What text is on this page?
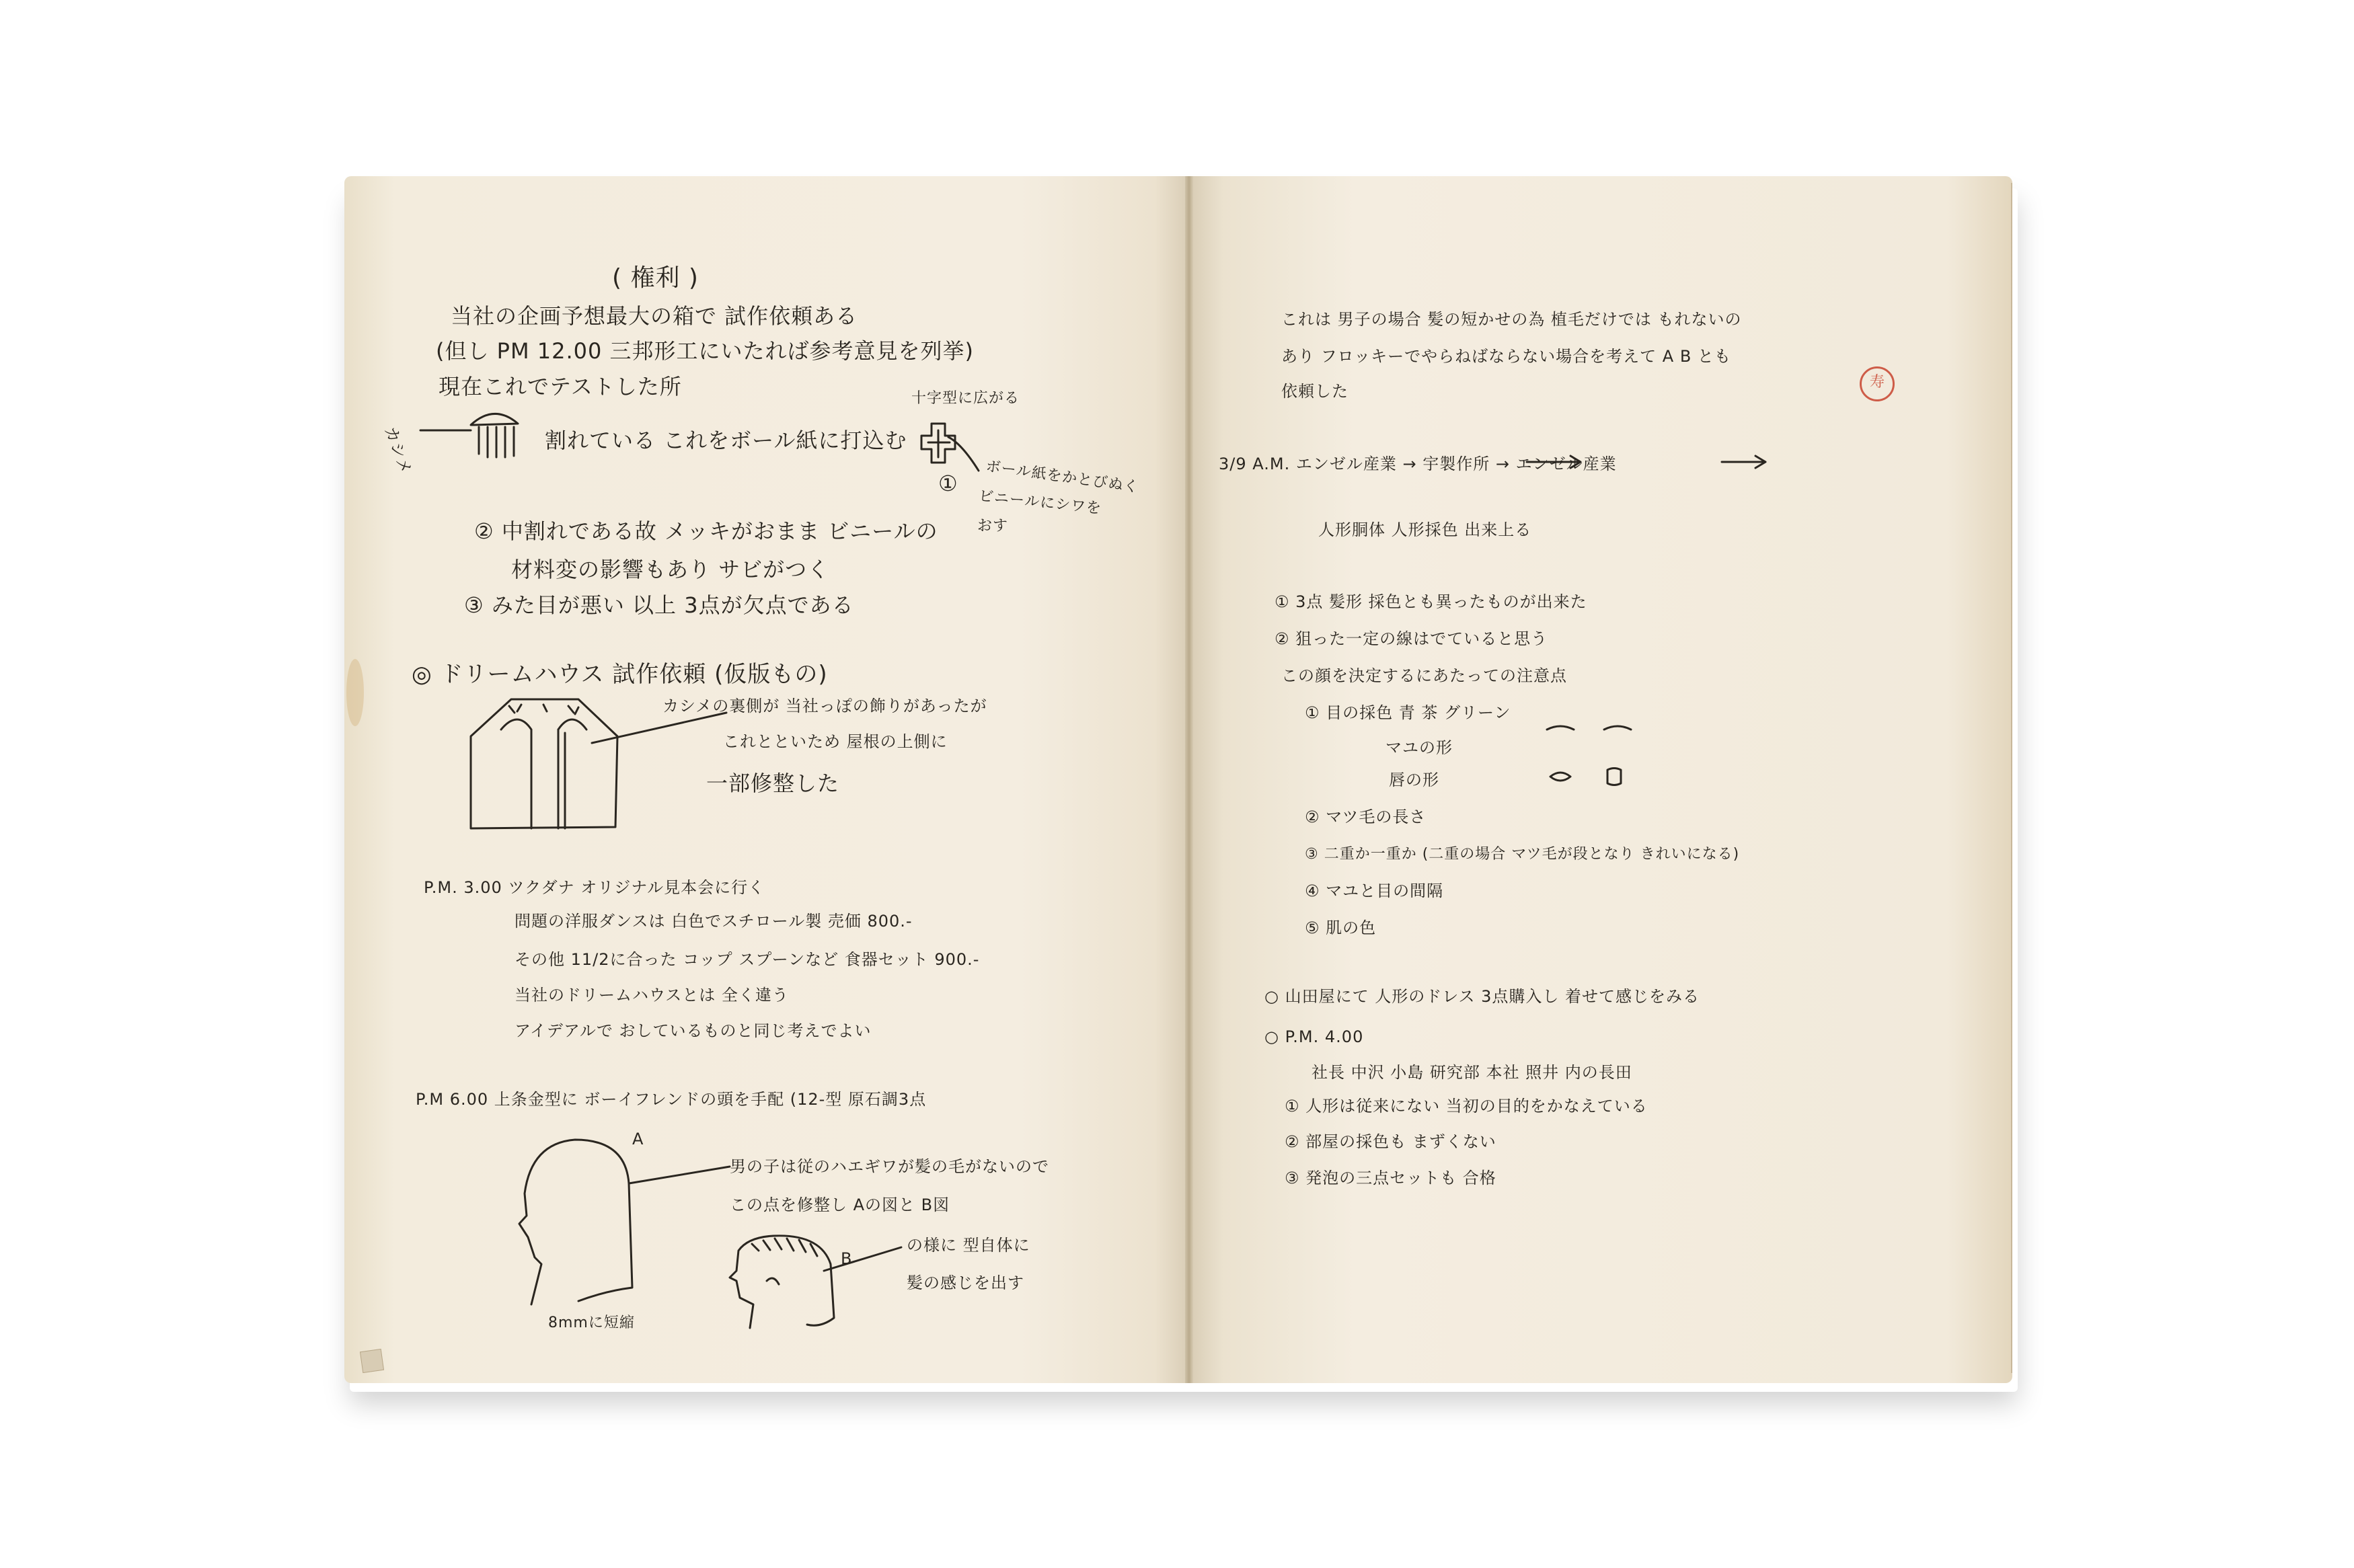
( 権利 )
当社の企画予想最大の箱で 試作依頼ある
(但し PM 12.00 三邦形工にいたれば参考意見を列挙)
現在これでテストした所
カシメ	割れている これをボール紙に打込む
十字型に広がる
ボール紙をかとびぬく
ビニールにシワを
おす
①
② 中割れである故 メッキがおまま ビニールの
材料変の影響もあり サビがつく
③ みた目が悪い 以上 3点が欠点である
◎ ドリームハウス 試作依頼 (仮版もの)
カシメの裏側が 当社っぽの飾りがあったが
これとといため 屋根の上側に
一部修整した
P.M. 3.00 ツクダナ オリジナル見本会に行く
問題の洋服ダンスは 白色でスチロール製 売価 800.-
その他 11/2に合った コップ スプーンなど 食器セット 900.-
当社のドリームハウスとは 全く違う
アイデアルで おしているものと同じ考えでよい
P.M 6.00 上条金型に ボーイフレンドの頭を手配 (12-型 原石調3点
男の子は従のハエギワが髪の毛がないので
この点を修整し Aの図と B図
の様に 型自体に
髪の感じを出す
A
B
8mmに短縮
これは 男子の場合 髪の短かせの為 植毛だけでは もれないの
あり フロッキーでやらねばならない場合を考えて A B とも
依頼した	寿
3/9 A.M. エンゼル産業 → 宇製作所 → エンゼル産業
人形胴体 人形採色 出来上る
① 3点 髪形 採色とも異ったものが出来た
② 狙った一定の線はでていると思う
この顔を決定するにあたっての注意点
① 目の採色 青 茶 グリーン
マユの形
唇の形
② マツ毛の長さ
③ 二重か一重か (二重の場合 マツ毛が段となり きれいになる)
④ マユと目の間隔
⑤ 肌の色
○ 山田屋にて 人形のドレス 3点購入し 着せて感じをみる
○ P.M. 4.00
社長 中沢 小島 研究部 本社 照井 内の長田
① 人形は従来にない 当初の目的をかなえている
② 部屋の採色も まずくない
③ 発泡の三点セットも 合格
